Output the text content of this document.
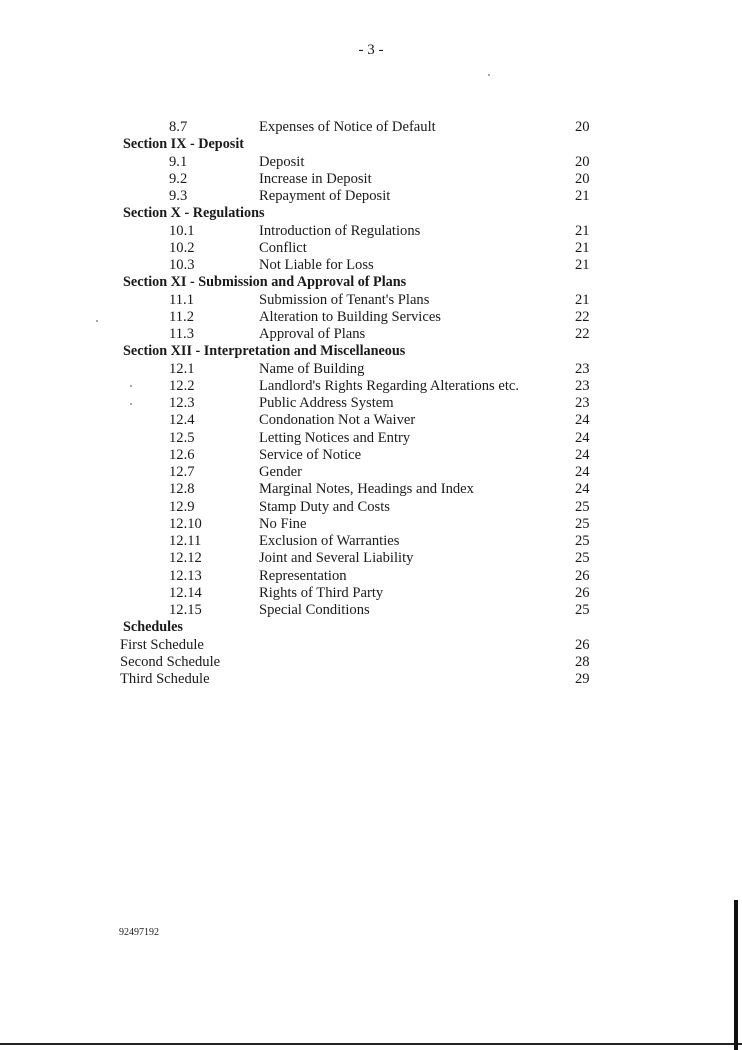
- 3 -
8.7	Expenses of Notice of Default	20
Section IX - Deposit
9.1	Deposit	20
9.2	Increase in Deposit	20
9.3	Repayment of Deposit	21
Section X - Regulations
10.1	Introduction of Regulations	21
10.2	Conflict	21
10.3	Not Liable for Loss	21
Section XI - Submission and Approval of Plans
11.1	Submission of Tenant's Plans	21
11.2	Alteration to Building Services	22
11.3	Approval of Plans	22
Section XII - Interpretation and Miscellaneous
12.1	Name of Building	23
12.2	Landlord's Rights Regarding Alterations etc.	23
12.3	Public Address System	23
12.4	Condonation Not a Waiver	24
12.5	Letting Notices and Entry	24
12.6	Service of Notice	24
12.7	Gender	24
12.8	Marginal Notes, Headings and Index	24
12.9	Stamp Duty and Costs	25
12.10	No Fine	25
12.11	Exclusion of Warranties	25
12.12	Joint and Several Liability	25
12.13	Representation	26
12.14	Rights of Third Party	26
12.15	Special Conditions	25
Schedules
First Schedule	26
Second Schedule	28
Third Schedule	29
92497192
